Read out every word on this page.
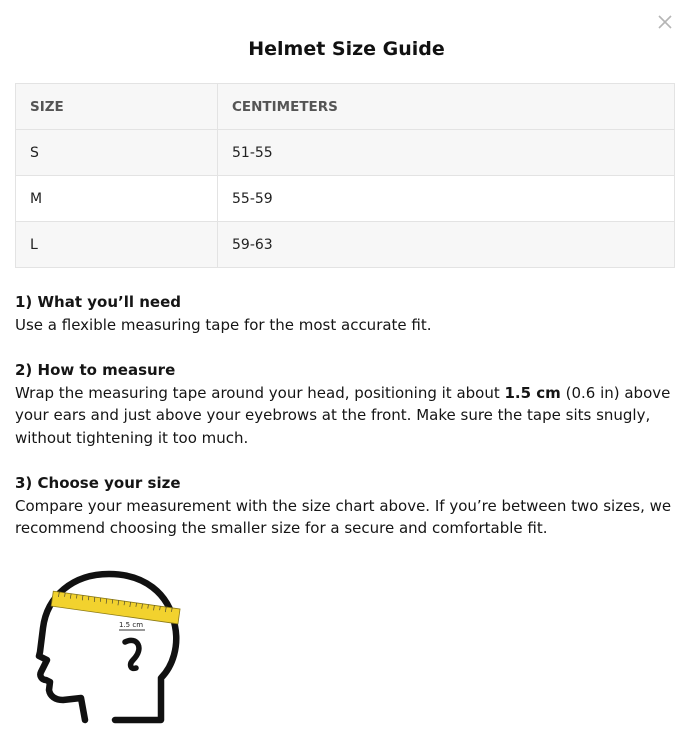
Helmet Size Guide
SIZE	CENTIMETERS
S	51-55
M	55-59
L	59-63
1) What you’ll need
Use a flexible measuring tape for the most accurate fit.
2) How to measure
Wrap the measuring tape around your head, positioning it about 1.5 cm (0.6 in) above your ears and just above your eyebrows at the front. Make sure the tape sits snugly, without tightening it too much.
3) Choose your size
Compare your measurement with the size chart above. If you’re between two sizes, we recommend choosing the smaller size for a secure and comfortable fit.
1.5 cm
